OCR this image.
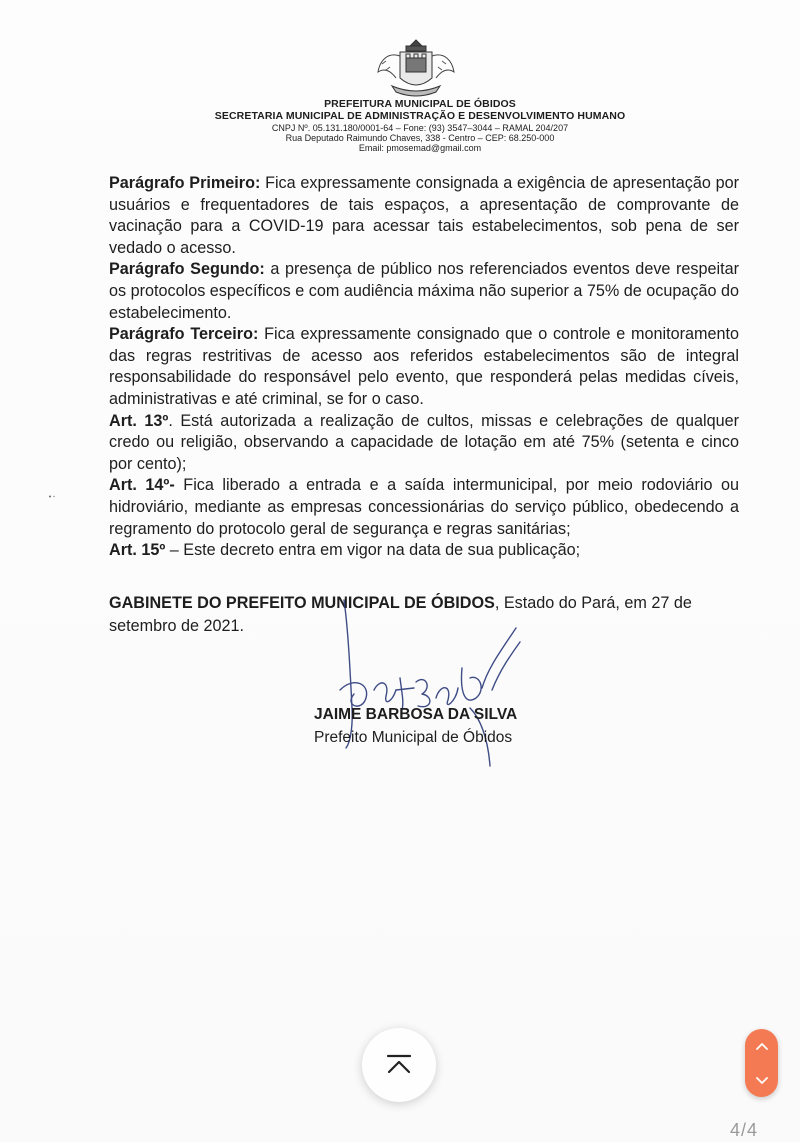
PREFEITURA MUNICIPAL DE ÓBIDOS
SECRETARIA MUNICIPAL DE ADMINISTRAÇÃO E DESENVOLVIMENTO HUMANO
CNPJ Nº. 05.131.180/0001-64 – Fone: (93) 3547–3044 – RAMAL 204/207
Rua Deputado Raimundo Chaves, 338 - Centro – CEP: 68.250-000
Email: pmosemad@gmail.com

Parágrafo Primeiro: Fica expressamente consignada a exigência de apresentação por usuários e frequentadores de tais espaços, a apresentação de comprovante de vacinação para a COVID-19 para acessar tais estabelecimentos, sob pena de ser vedado o acesso.

Parágrafo Segundo: a presença de público nos referenciados eventos deve respeitar os protocolos específicos e com audiência máxima não superior a 75% de ocupação do estabelecimento.

Parágrafo Terceiro: Fica expressamente consignado que o controle e monitoramento das regras restritivas de acesso aos referidos estabelecimentos são de integral responsabilidade do responsável pelo evento, que responderá pelas medidas cíveis, administrativas e até criminal, se for o caso.

Art. 13º. Está autorizada a realização de cultos, missas e celebrações de qualquer credo ou religião, observando a capacidade de lotação em até 75% (setenta e cinco por cento);

Art. 14º- Fica liberado a entrada e a saída intermunicipal, por meio rodoviário ou hidroviário, mediante as empresas concessionárias do serviço público, obedecendo a regramento do protocolo geral de segurança e regras sanitárias;

Art. 15º – Este decreto entra em vigor na data de sua publicação;

GABINETE DO PREFEITO MUNICIPAL DE ÓBIDOS, Estado do Pará, em 27 de setembro de 2021.
JAIME BARBOSA DA SILVA
Prefeito Municipal de Óbidos
4/4
